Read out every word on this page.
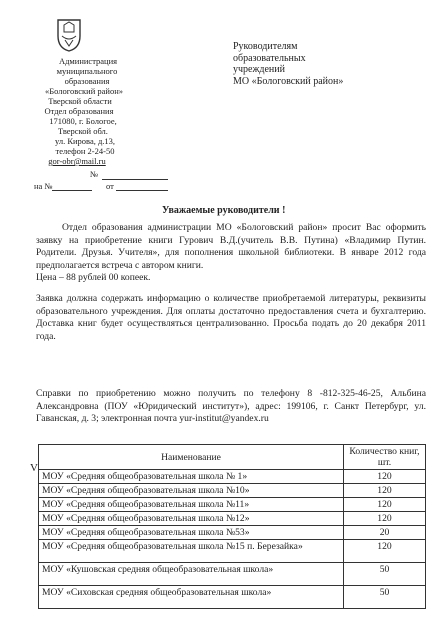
Администрация
муниципального образования
«Бологовский район»
Тверской области
Отдел образования
171080, г. Бологое, Тверской обл.
ул. Кирова, д.13, телефон 2-24-50
gor-obr@mail.ru
№
на №	от
Руководителям
образовательных
учреждений
МО «Бологовский район»
Уважаемые руководители !
Отдел образования администрации МО «Бологовский район» просит Вас оформить заявку на приобретение книги Гурович В.Д.(учитель В.В. Путина) «Владимир Путин. Родители. Друзья. Учителя», для пополнения школьной библиотеки. В январе 2012 года предполагается встреча с автором книги.
Цена – 88 рублей 00 копеек.
Заявка должна содержать информацию о количестве приобретаемой литературы, реквизиты образовательного учреждения. Для оплаты достаточно предоставления счета и бухгалтерию. Доставка книг будет осуществляться централизованно. Просьба подать до 20 декабря 2011 года.
Справки по приобретению можно получить по телефону 8 -812-325-46-25, Альбина Александровна (ПОУ «Юридический институт»), адрес: 199106, г. Санкт Петербург, ул. Гаванская, д. 3; электронная почта yur-institut@yandex.ru
V
Наименование	Количество книг, шт.
МОУ «Средняя общеобразовательная школа № 1»	120
МОУ «Средняя общеобразовательная школа №10»	120
МОУ «Средняя общеобразовательная школа №11»	120
МОУ «Средняя общеобразовательная школа №12»	120
МОУ «Средняя общеобразовательная школа №53»	20
МОУ «Средняя общеобразовательная школа №15 п. Березайка»	120
МОУ «Кушовская средняя общеобразовательная школа»	50
МОУ «Сиховская средняя общеобразовательная школа»	50
